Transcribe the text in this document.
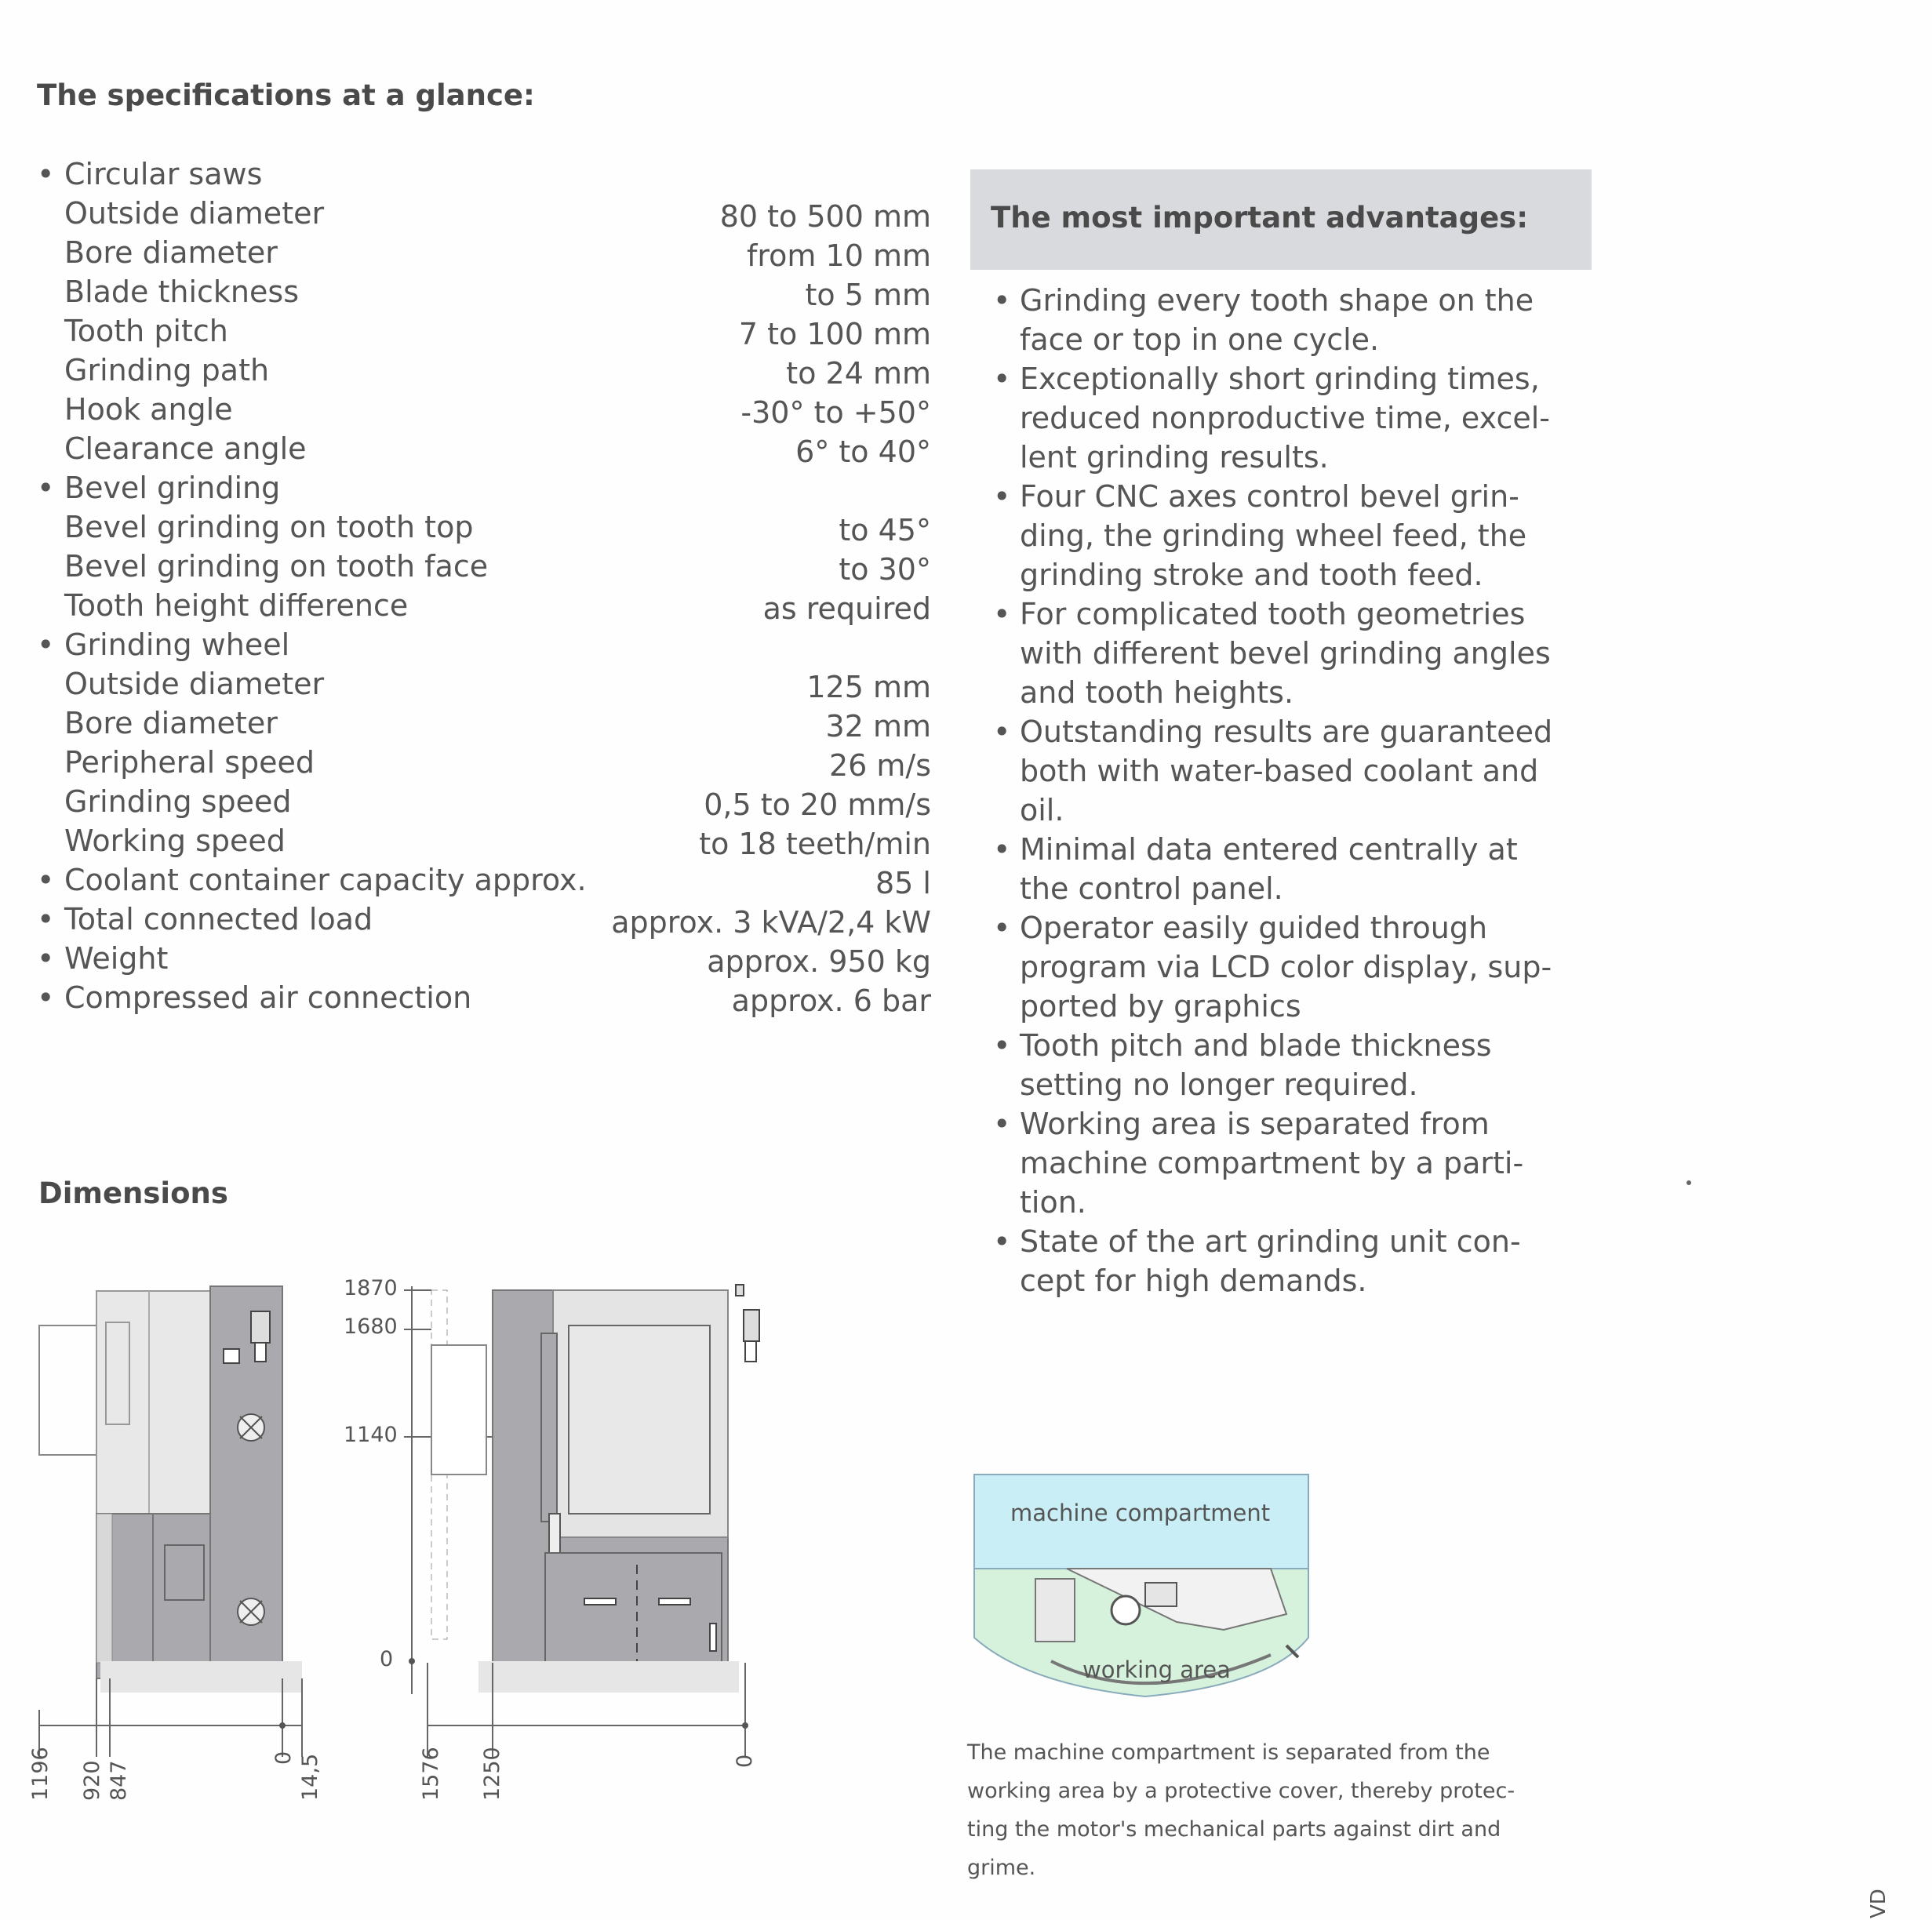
The specifications at a glance:
• Circular saws
Outside diameter	80 to 500 mm
Bore diameter	from 10 mm
Blade thickness	to 5 mm
Tooth pitch	7 to 100 mm
Grinding path	to 24 mm
Hook angle	-30° to +50°
Clearance angle	6° to 40°
• Bevel grinding
Bevel grinding on tooth top	to 45°
Bevel grinding on tooth face	to 30°
Tooth height difference	as required
• Grinding wheel
Outside diameter	125 mm
Bore diameter	32 mm
Peripheral speed	26 m/s
Grinding speed	0,5 to 20 mm/s
Working speed	to 18 teeth/min
• Coolant container capacity approx.	85 l
• Total connected load	approx. 3 kVA/2,4 kW
• Weight	approx. 950 kg
• Compressed air connection	approx. 6 bar
The most important advantages:
• Grinding every tooth shape on the
face or top in one cycle.
• Exceptionally short grinding times,
reduced nonproductive time, excel-
lent grinding results.
• Four CNC axes control bevel grin-
ding, the grinding wheel feed, the
grinding stroke and tooth feed.
• For complicated tooth geometries
with different bevel grinding angles
and tooth heights.
• Outstanding results are guaranteed
both with water-based coolant and
oil.
• Minimal data entered centrally at
the control panel.
• Operator easily guided through
program via LCD color display, sup-
ported by graphics
• Tooth pitch and blade thickness
setting no longer required.
• Working area is separated from
machine compartment by a parti-
tion.
• State of the art grinding unit con-
cept for high demands.
Dimensions
1196 920 847
0 14,5
1870
1680
1140
0
1576 1250	0
machine compartment
working area
The machine compartment is separated from the
working area by a protective cover, thereby protec-
ting the motor's mechanical parts against dirt and
grime.
VD
